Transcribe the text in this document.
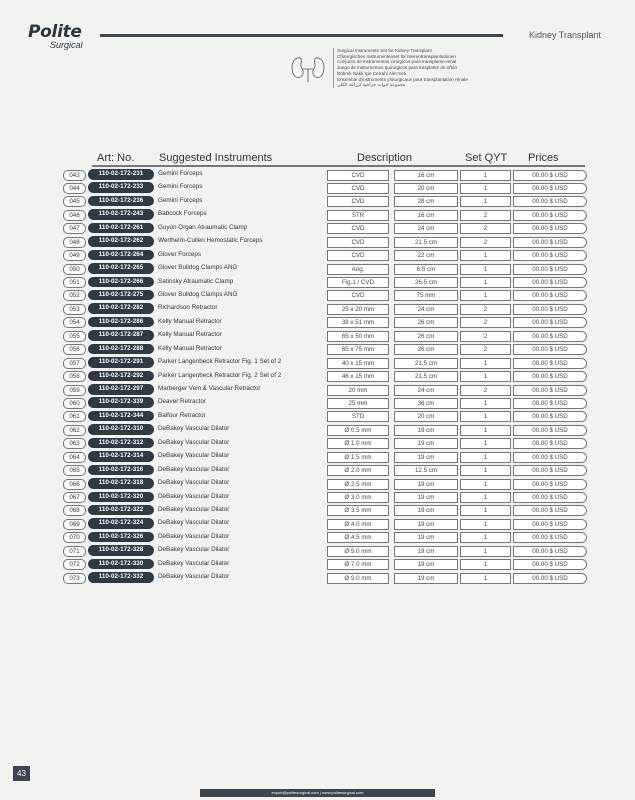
Polite
Surgical
Kidney Transplant
Surgical Instruments Set for Kidney Transplant
Chirurgisches Instrumentenset für Nierentransplantationen
Conjunto de instrumentos cirúrgicos para transplante renal
Juego de instrumentos quirúrgicos para trasplante de riñón
Böbrek Nakli İçin Cerrahi Alet Seti
Ensemble d'instruments chirurgicaux pour transplantation rénale
مجموعة أدوات جراحية لزراعة الكلى
Art: No. Suggested Instruments	Description	Set QYT Prices
043	110-02-172-231	Gemini Forceps	CVD	16 cm	1	00.00 $ USD
044	110-02-172-233	Gemini Forceps	CVD	20 cm	1	00.00 $ USD
045	110-02-172-236	Gemini Forceps	CVD	28 cm	1	00.00 $ USD
046	110-02-172-243	Babcock Forceps	STR	16 cm	2	00.00 $ USD
047	110-02-172-261	Guyon Organ Atraumatic Clamp	CVD	24 cm	2	00.00 $ USD
048	110-02-172-262	Wertheim-Cullen Hemostatic Forceps	CVD	21.5 cm	2	00.00 $ USD
049	110-02-172-264	Glover Forceps	CVD	22 cm	1	00.00 $ USD
050	110-02-172-265	Glover Bulldog Clamps ANG	Ang.	6.5 cm	1	00.00 $ USD
051	110-02-172-266	Satinsky Atraumatic Clamp	Fig.1 / CVD	26.5 cm	1	00.00 $ USD
052	110-02-172-275	Glover Bulldog Clamps ANG	CVD	75 mm	1	00.00 $ USD
053	110-02-172-282	Richardson Retractor	25 x 20 mm	24 cm	2	00.00 $ USD
054	110-02-172-286	Kelly Manual Retractor	38 x 51 mm	26 cm	2	00.00 $ USD
055	110-02-172-287	Kelly Manual Retractor	65 x 50 mm	26 cm	2	00.00 $ USD
056	110-02-172-288	Kelly Manual Retractor	65 x 75 mm	26 cm	2	00.00 $ USD
057	110-02-172-291	Parker Langenbeck Retractor Fig. 1 Set of 2	40 x 15 mm	21.5 cm	1	00.00 $ USD
058	110-02-172-292	Parker Langenbeck Retractor Fig. 2 Set of 2	46 x 15 mm	21.5 cm	1	00.00 $ USD
059	110-02-172-297	Marberger Vein & Vascular Retractor	20 mm	24 cm	2	00.00 $ USD
060	110-02-172-339	Deaver Retractor	25 mm	36 cm	1	00.00 $ USD
061	110-02-172-344	Balfour Retractor	STD	20 cm	1	00.00 $ USD
062	110-02-172-310	DeBakey Vascular Dilator	Ø 0.5 mm	19 cm	1	00.00 $ USD
063	110-02-172-312	DeBakey Vascular Dilator	Ø 1.0 mm	19 cm	1	00.00 $ USD
064	110-02-172-314	DeBakey Vascular Dilator	Ø 1.5 mm	19 cm	1	00.00 $ USD
065	110-02-172-316	DeBakey Vascular Dilator	Ø 2.0 mm	12.5 cm	1	00.00 $ USD
066	110-02-172-318	DeBakey Vascular Dilator	Ø 2.5 mm	19 cm	1	00.00 $ USD
067	110-02-172-320	DeBakey Vascular Dilator	Ø 3.0 mm	19 cm	1	00.00 $ USD
068	110-02-172-322	DeBakey Vascular Dilator	Ø 3.5 mm	19 cm	1	00.00 $ USD
069	110-02-172-324	DeBakey Vascular Dilator	Ø 4.0 mm	19 cm	1	00.00 $ USD
070	110-02-172-326	DeBakey Vascular Dilator	Ø 4.5 mm	19 cm	1	00.00 $ USD
071	110-02-172-328	DeBakey Vascular Dilator	Ø 5.0 mm	19 cm	1	00.00 $ USD
072	110-02-172-330	DeBakey Vascular Dilator	Ø 7.0 mm	19 cm	1	00.00 $ USD
073	110-02-172-332	DeBakey Vascular Dilator	Ø 9.0 mm	19 cm	1	00.00 $ USD
43
export@politesurgical.com | www.politesurgical.com
